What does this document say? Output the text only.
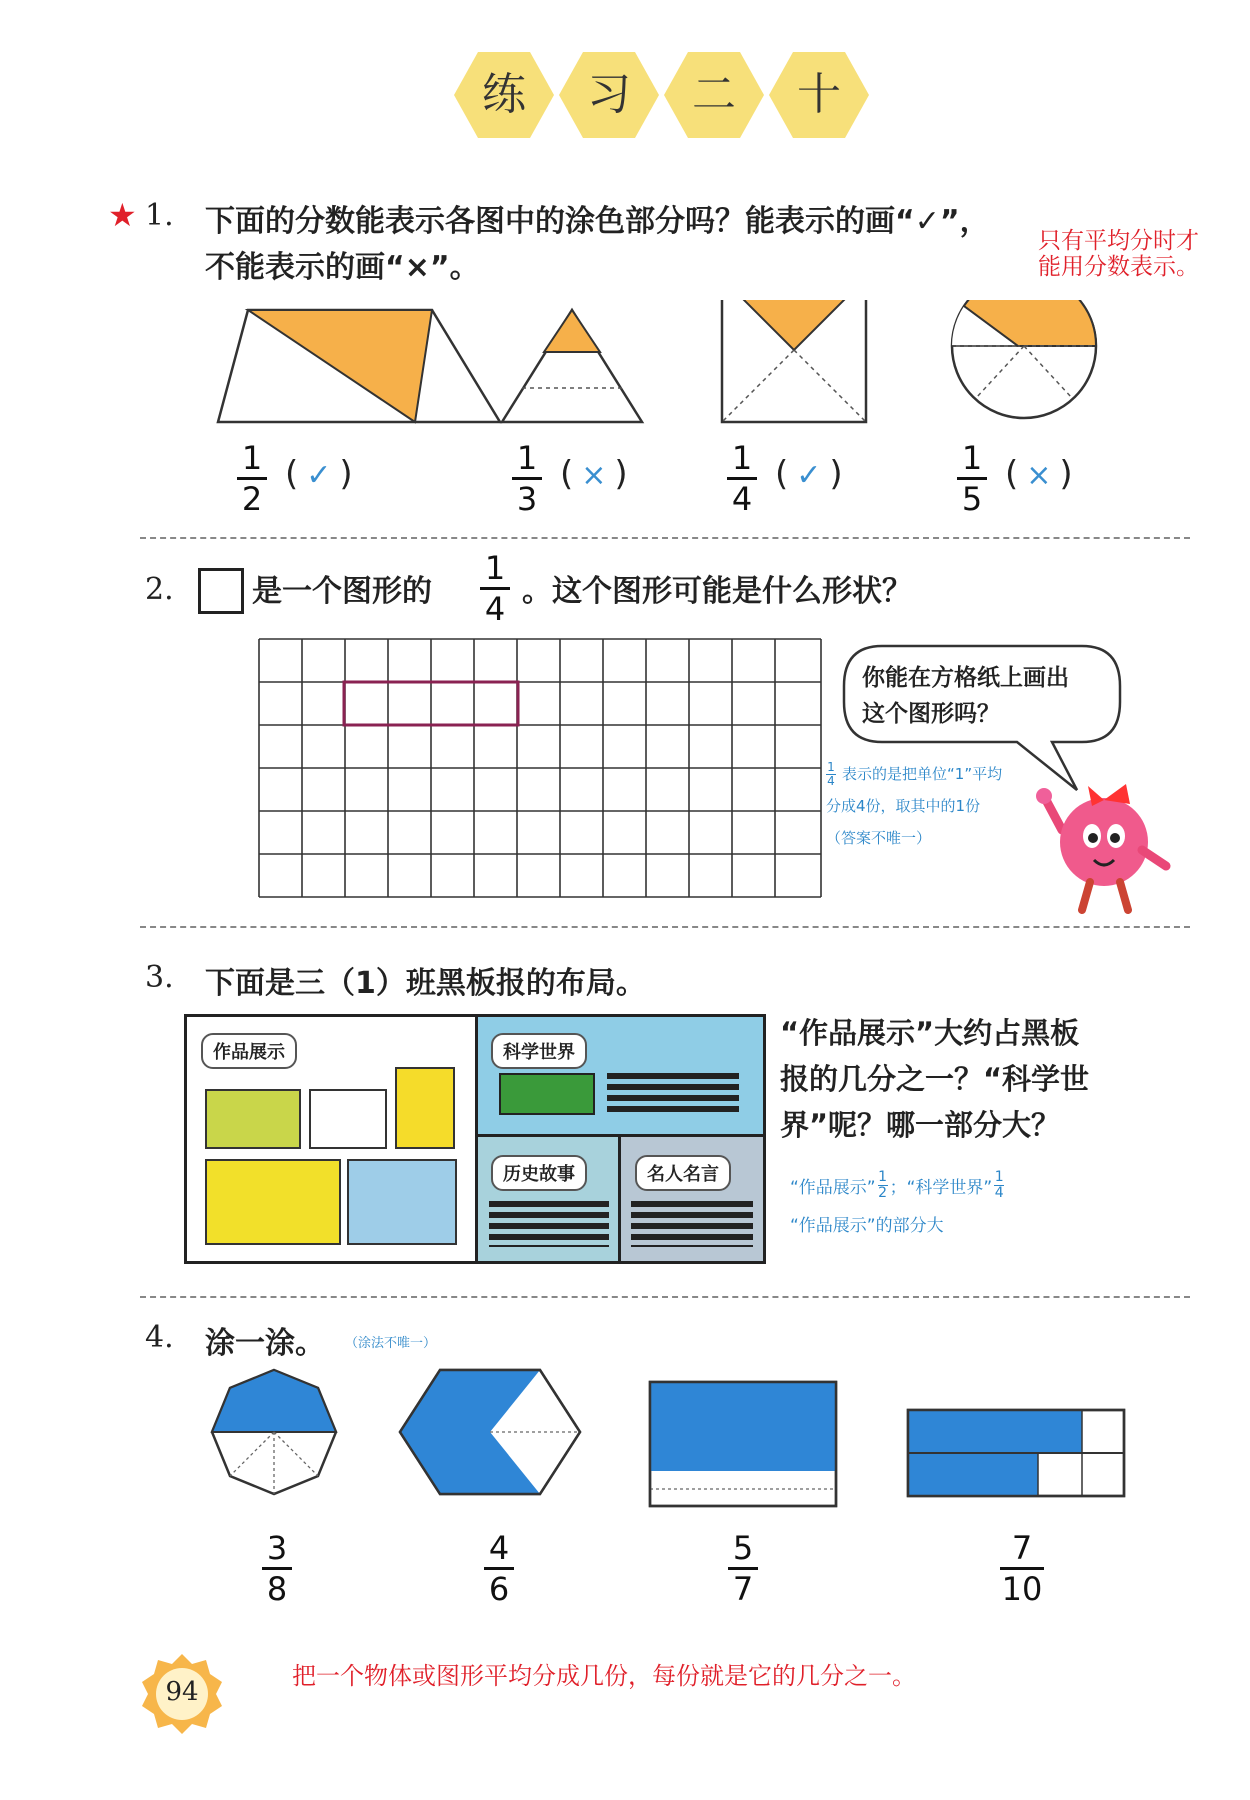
练	习	二	十
★ 1. 下面的分数能表示各图中的涂色部分吗？能表示的画“✓”，
不能表示的画“×”。
只有平均分时才
能用分数表示。
1
2
( ✓ )	1
3
( × )	1
4
( ✓ )	1
5
( × )
2.	是一个图形的
1
4 。这个图形可能是什么形状？
你能在方格纸上画出
这个图形吗？
1
4 表示的是把单位“1”平均
分成4份，取其中的1份
（答案不唯一）
3. 下面是三（1）班黑板报的布局。
作品展示	科学世界
历史故事	名人名言
“作品展示”大约占黑板
报的几分之一？“科学世
界”呢？哪一部分大？
“作品展示”
1
2 ；“科学世界”
1
4
“作品展示”的部分大
4. 涂一涂。 （涂法不唯一）
3
8
4
6
5
7
7
10
94
把一个物体或图形平均分成几份，每份就是它的几分之一。
